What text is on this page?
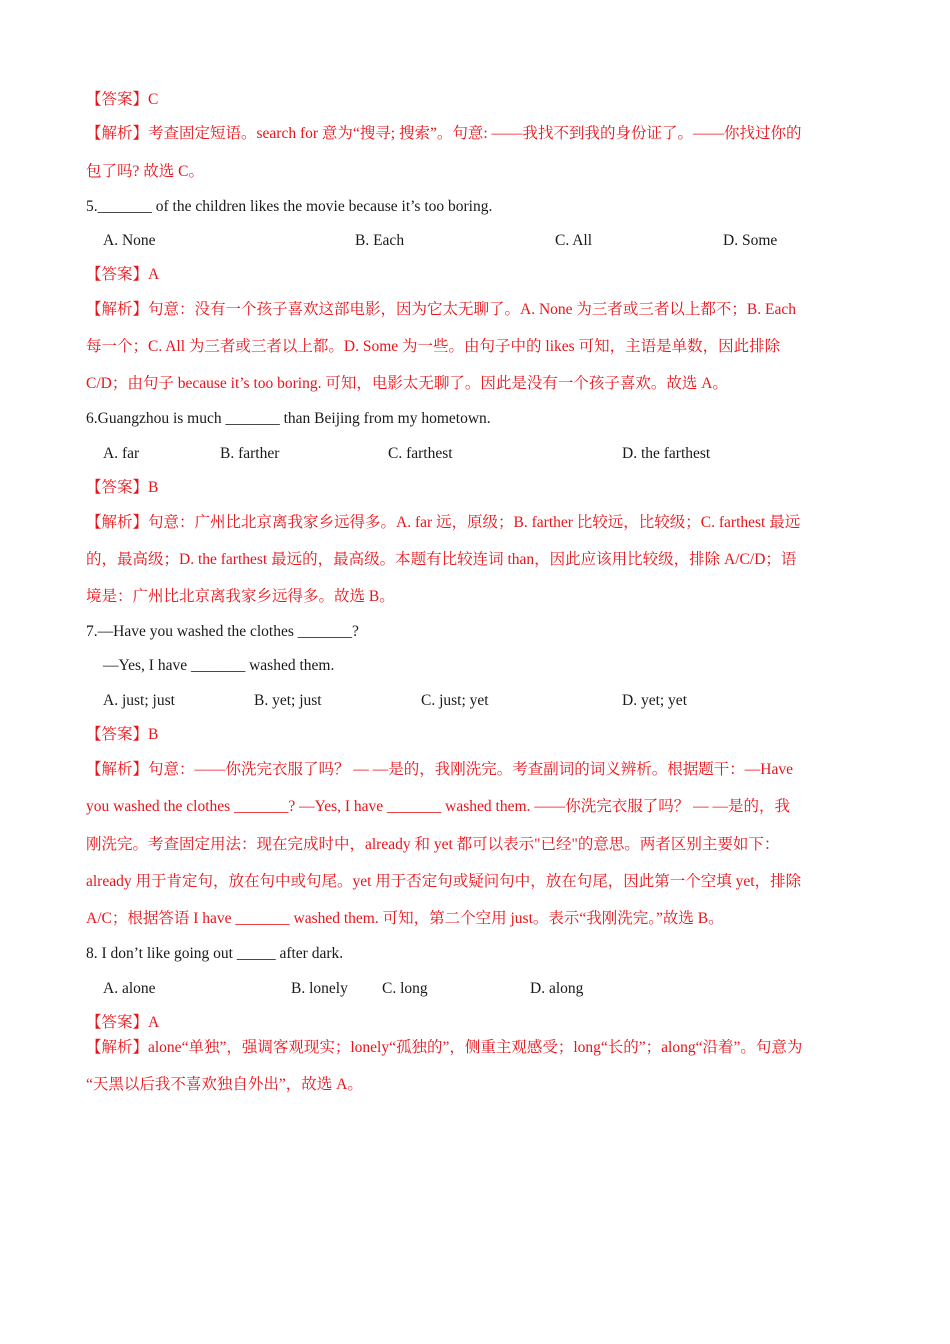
【答案】C
【解析】考查固定短语。search for 意为“搜寻; 搜索”。句意: ——我找不到我的身份证了。——你找过你的
包了吗? 故选 C。
5._______ of the children likes the movie because it’s too boring.
A. None	B. Each	C. All	D. Some
【答案】A
【解析】句意：没有一个孩子喜欢这部电影，因为它太无聊了。A. None 为三者或三者以上都不；B. Each
每一个；C. All 为三者或三者以上都。D. Some 为一些。由句子中的 likes 可知，主语是单数，因此排除
C/D；由句子 because it’s too boring. 可知，电影太无聊了。因此是没有一个孩子喜欢。故选 A。
6.Guangzhou is much _______ than Beijing from my hometown.
A. far	B. farther	C. farthest	D. the farthest
【答案】B
【解析】句意：广州比北京离我家乡远得多。A. far 远，原级；B. farther 比较远，比较级；C. farthest 最远
的，最高级；D. the farthest 最远的，最高级。本题有比较连词 than，因此应该用比较级，排除 A/C/D；语
境是：广州比北京离我家乡远得多。故选 B。
7.—Have you washed the clothes _______?
—Yes, I have _______ washed them.
A. just; just	B. yet; just	C. just; yet	D. yet; yet
【答案】B
【解析】句意：——你洗完衣服了吗？ — —是的，我刚洗完。考查副词的词义辨析。根据题干：—Have
you washed the clothes _______? —Yes, I have _______ washed them. ——你洗完衣服了吗？ — —是的，我
刚洗完。考查固定用法：现在完成时中，already 和 yet 都可以表示"已经"的意思。两者区别主要如下：
already 用于肯定句，放在句中或句尾。yet 用于否定句或疑问句中，放在句尾，因此第一个空填 yet，排除
A/C；根据答语 I have _______ washed them. 可知，第二个空用 just。表示“我刚洗完。”故选 B。
8. I don’t like going out _____ after dark.
A. alone	B. lonely C. long	D. along
【答案】A
【解析】alone“单独”，强调客观现实；lonely“孤独的”，侧重主观感受；long“长的”；along“沿着”。句意为
“天黑以后我不喜欢独自外出”，故选 A。
